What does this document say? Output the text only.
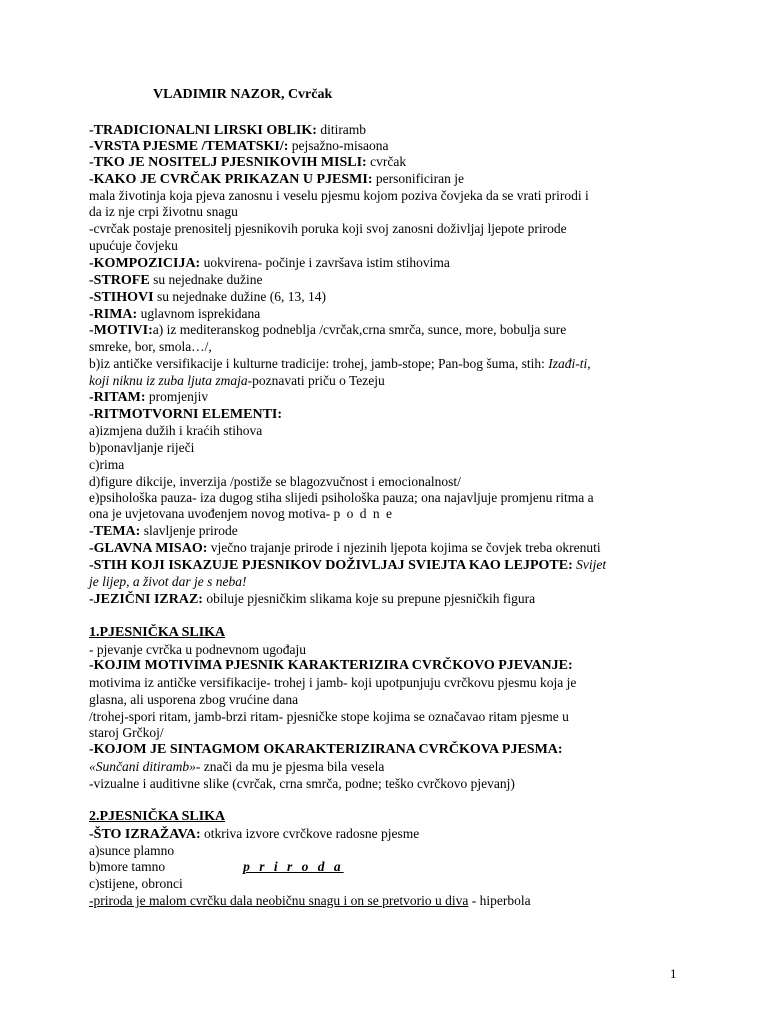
VLADIMIR NAZOR, Cvrčak
-TRADICIONALNI LIRSKI OBLIK: ditiramb
-VRSTA PJESME /TEMATSKI/: pejsažno-misaona
-TKO JE NOSITELJ PJESNIKOVIH MISLI: cvrčak
-KAKO JE CVRČAK PRIKAZAN U PJESMI: personificiran je
mala životinja koja pjeva zanosnu i veselu pjesmu kojom poziva čovjeka da se vrati prirodi i
da iz nje crpi životnu snagu
-cvrčak postaje prenositelj pjesnikovih poruka koji svoj zanosni doživljaj ljepote prirode
upućuje čovjeku
-KOMPOZICIJA: uokvirena- počinje i završava istim stihovima
-STROFE su nejednake dužine
-STIHOVI su nejednake dužine (6, 13, 14)
-RIMA: uglavnom isprekidana
-MOTIVI:a) iz mediteranskog podneblja /cvrčak,crna smrča, sunce, more, bobulja sure
smreke, bor, smola…/,
b)iz antičke versifikacije i kulturne tradicije: trohej, jamb-stope; Pan-bog šuma, stih: Izađi-ti,
koji niknu iz zuba ljuta zmaja-poznavati priču o Tezeju
-RITAM: promjenjiv
-RITMOTVORNI ELEMENTI:
a)izmjena dužih i kraćih stihova
b)ponavljanje riječi
c)rima
d)figure dikcije, inverzija /postiže se blagozvučnost i emocionalnost/
e)psihološka pauza- iza dugog stiha slijedi psihološka pauza; ona najavljuje promjenu ritma a
ona je uvjetovana uvođenjem novog motiva- p o d n e
-TEMA: slavljenje prirode
-GLAVNA MISAO: vječno trajanje prirode i njezinih ljepota kojima se čovjek treba okrenuti
-STIH KOJI ISKAZUJE PJESNIKOV DOŽIVLJAJ SVIEJTA KAO LEJPOTE: Svijet
je lijep, a život dar je s neba!
-JEZIČNI IZRAZ: obiluje pjesničkim slikama koje su prepune pjesničkih figura
1.PJESNIČKA SLIKA
- pjevanje cvrčka u podnevnom ugođaju
-KOJIM MOTIVIMA PJESNIK KARAKTERIZIRA CVRČKOVO PJEVANJE:
motivima iz antičke versifikacije- trohej i jamb- koji upotpunjuju cvrčkovu pjesmu koja je
glasna, ali usporena zbog vrućine dana
/trohej-spori ritam, jamb-brzi ritam- pjesničke stope kojima se označavao ritam pjesme u
staroj Grčkoj/
-KOJOM JE SINTAGMOM OKARAKTERIZIRANA CVRČKOVA PJESMA:
«Sunčani ditiramb»- znači da mu je pjesma bila vesela
-vizualne i auditivne slike (cvrčak, crna smrča, podne; teško cvrčkovo pjevanj)
2.PJESNIČKA SLIKA
-ŠTO IZRAŽAVA: otkriva izvore cvrčkove radosne pjesme
a)sunce plamno
b)more tamno	p r i r o d a
c)stijene, obronci
-priroda je malom cvrčku dala neobičnu snagu i on se pretvorio u diva - hiperbola
1
